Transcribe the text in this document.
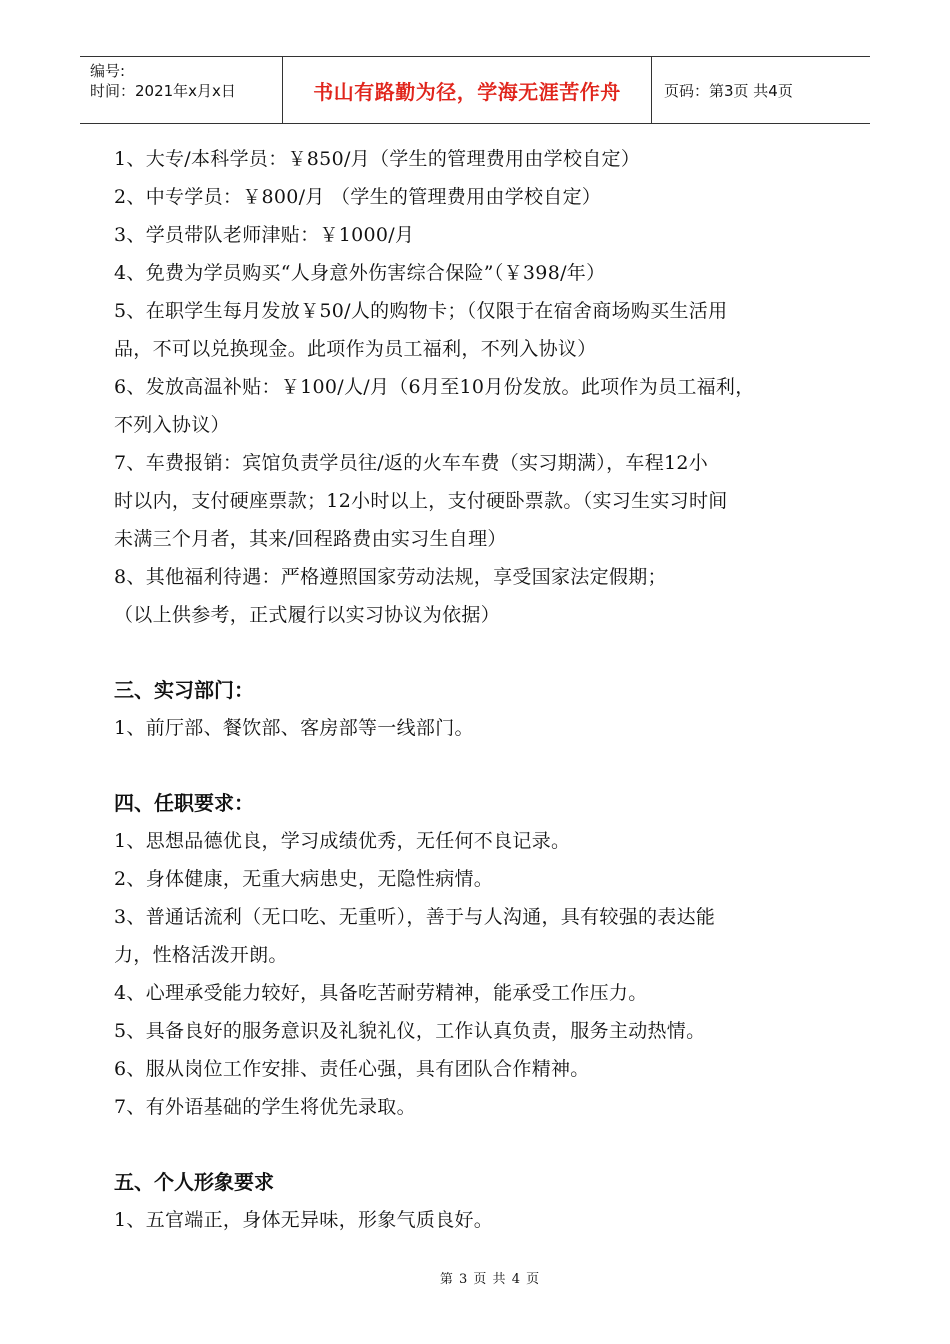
编号:
时间：2021年x月x日	书山有路勤为径，学海无涯苦作舟	页码：第3页 共4页
1、大专/本科学员：￥850/月（学生的管理费用由学校自定）
2、中专学员：￥800/月 （学生的管理费用由学校自定）
3、学员带队老师津贴：￥1000/月
4、免费为学员购买“人身意外伤害综合保险”（￥398/年）
5、在职学生每月发放￥50/人的购物卡；（仅限于在宿舍商场购买生活用
品，不可以兑换现金。此项作为员工福利，不列入协议）
6、发放高温补贴：￥100/人/月（6月至10月份发放。此项作为员工福利，
不列入协议）
7、车费报销：宾馆负责学员往/返的火车车费（实习期满），车程12小
时以内，支付硬座票款；12小时以上，支付硬卧票款。（实习生实习时间
未满三个月者，其来/回程路费由实习生自理）
8、其他福利待遇：严格遵照国家劳动法规，享受国家法定假期；
（以上供参考，正式履行以实习协议为依据）
三、实习部门：
1、前厅部、餐饮部、客房部等一线部门。
四、任职要求：
1、思想品德优良，学习成绩优秀，无任何不良记录。
2、身体健康，无重大病患史，无隐性病情。
3、普通话流利（无口吃、无重听），善于与人沟通，具有较强的表达能
力，性格活泼开朗。
4、心理承受能力较好，具备吃苦耐劳精神，能承受工作压力。
5、具备良好的服务意识及礼貌礼仪，工作认真负责，服务主动热情。
6、服从岗位工作安排、责任心强，具有团队合作精神。
7、有外语基础的学生将优先录取。
五、个人形象要求
1、五官端正，身体无异味，形象气质良好。
第 3 页 共 4 页
